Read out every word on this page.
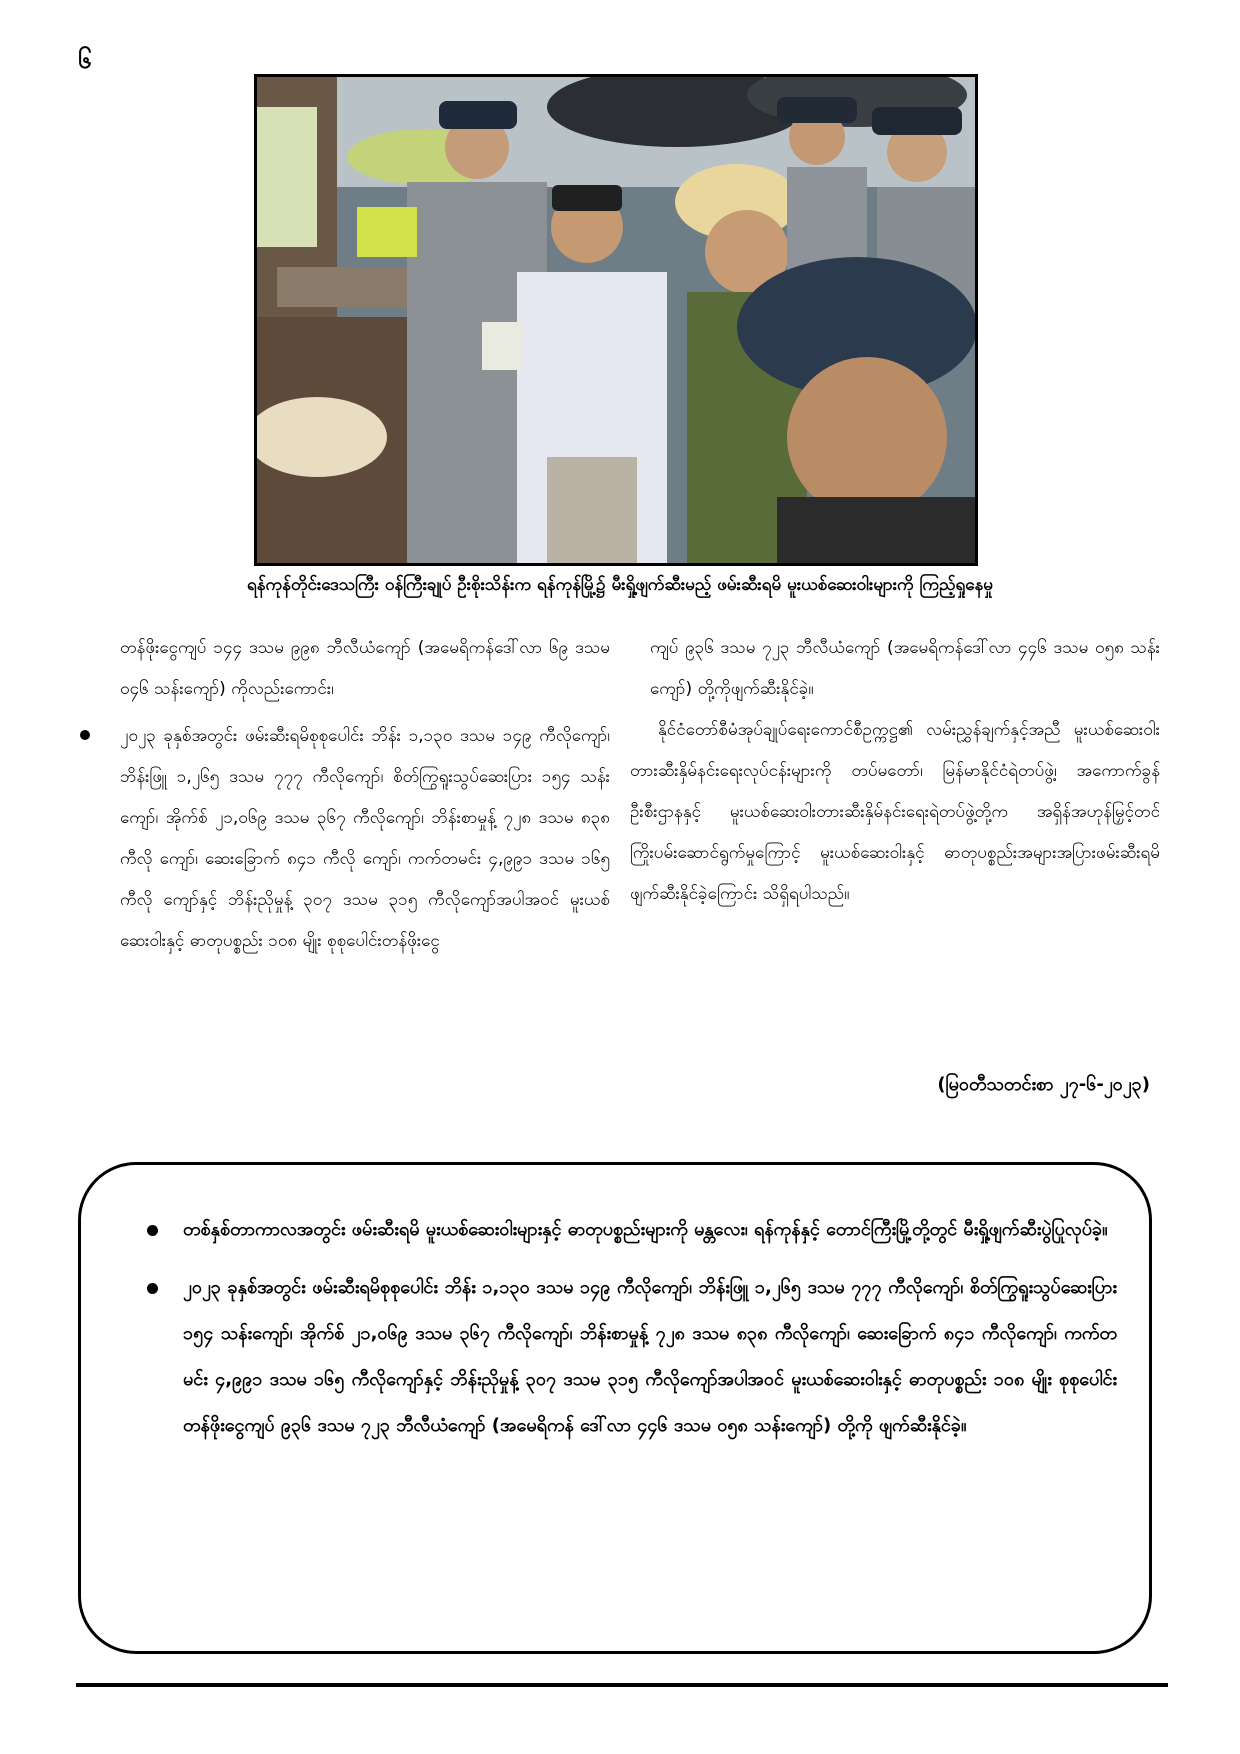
၆
ရန်ကုန်တိုင်းဒေသကြီး ဝန်ကြီးချုပ် ဦးစိုးသိန်းက ရန်ကုန်မြို့၌ မီးရှို့ဖျက်ဆီးမည့် ဖမ်းဆီးရမိ မူးယစ်ဆေးဝါးများကို ကြည့်ရှုနေမှု

တန်ဖိုးငွေကျပ် ၁၄၄ ဒသမ ၉၉၈ ဘီလီယံကျော် (အမေရိကန်ဒေါ်လာ ၆၉ ဒသမ ၀၄၆ သန်းကျော်) ကိုလည်းကောင်း၊

၂၀၂၃ ခုနှစ်အတွင်း ဖမ်းဆီးရမိစုစုပေါင်း ဘိန်း ၁,၁၃၀ ဒသမ ၁၄၉ ကီလိုကျော်၊ ဘိန်းဖြူ ၁,၂၆၅ ဒသမ ၇၇၇ ကီလိုကျော်၊ စိတ်ကြွရူးသွပ်ဆေးပြား ၁၅၄ သန်းကျော်၊ အိုက်စ် ၂၁,၀၆၉ ဒသမ ၃၆၇ ကီလိုကျော်၊ ဘိန်းစာမှုန့် ၇၂၈ ဒသမ ၈၃၈ ကီလို ကျော်၊ ဆေးခြောက် ၈၄၁ ကီလို ကျော်၊ ကက်တမင်း ၄,၉၉၁ ဒသမ ၁၆၅ ကီလို ကျော်နှင့် ဘိန်းညိုမှုန့် ၃၀၇ ဒသမ ၃၁၅ ကီလိုကျော်အပါအဝင် မူးယစ်ဆေးဝါးနှင့် ဓာတုပစ္စည်း ၁၀၈ မျိုး စုစုပေါင်းတန်ဖိုးငွေ

ကျပ် ၉၃၆ ဒသမ ၇၂၃ ဘီလီယံကျော် (အမေရိကန်ဒေါ်လာ ၄၄၆ ဒသမ ၀၅၈ သန်းကျော်) တို့ကိုဖျက်ဆီးနိုင်ခဲ့။

နိုင်ငံတော်စီမံအုပ်ချုပ်ရေးကောင်စီဥက္ကဋ္ဌ၏ လမ်းညွှန်ချက်နှင့်အညီ မူးယစ်ဆေးဝါး တားဆီးနှိမ်နင်းရေးလုပ်ငန်းများကို တပ်မတော်၊ မြန်မာနိုင်ငံရဲတပ်ဖွဲ့၊ အကောက်ခွန်ဦးစီးဌာနနှင့် မူးယစ်ဆေးဝါးတားဆီးနှိမ်နင်းရေးရဲတပ်ဖွဲ့တို့က အရှိန်အဟုန်မြှင့်တင် ကြိုးပမ်းဆောင်ရွက်မှုကြောင့် မူးယစ်ဆေးဝါးနှင့် ဓာတုပစ္စည်းအများအပြားဖမ်းဆီးရမိ ဖျက်ဆီးနိုင်ခဲ့ကြောင်း သိရှိရပါသည်။

(မြဝတီသတင်းစာ ၂၇-၆-၂၀၂၃)
တစ်နှစ်တာကာလအတွင်း ဖမ်းဆီးရမိ မူးယစ်ဆေးဝါးများနှင့် ဓာတုပစ္စည်းများကို မန္တလေး၊ ရန်ကုန်နှင့် တောင်ကြီးမြို့တို့တွင် မီးရှို့ဖျက်ဆီးပွဲပြုလုပ်ခဲ့။
၂၀၂၃ ခုနှစ်အတွင်း ဖမ်းဆီးရမိစုစုပေါင်း ဘိန်း ၁,၁၃၀ ဒသမ ၁၄၉ ကီလိုကျော်၊ ဘိန်းဖြူ ၁,၂၆၅ ဒသမ ၇၇၇ ကီလိုကျော်၊ စိတ်ကြွရူးသွပ်ဆေးပြား ၁၅၄ သန်းကျော်၊ အိုက်စ် ၂၁,၀၆၉ ဒသမ ၃၆၇ ကီလိုကျော်၊ ဘိန်းစာမှုန့် ၇၂၈ ဒသမ ၈၃၈ ကီလိုကျော်၊ ဆေးခြောက် ၈၄၁ ကီလိုကျော်၊ ကက်တမင်း ၄,၉၉၁ ဒသမ ၁၆၅ ကီလိုကျော်နှင့် ဘိန်းညိုမှုန့် ၃၀၇ ဒသမ ၃၁၅ ကီလိုကျော်အပါအဝင် မူးယစ်ဆေးဝါးနှင့် ဓာတုပစ္စည်း ၁၀၈ မျိုး စုစုပေါင်းတန်ဖိုးငွေကျပ် ၉၃၆ ဒသမ ၇၂၃ ဘီလီယံကျော် (အမေရိကန် ဒေါ်လာ ၄၄၆ ဒသမ ၀၅၈ သန်းကျော်) တို့ကို ဖျက်ဆီးနိုင်ခဲ့။
